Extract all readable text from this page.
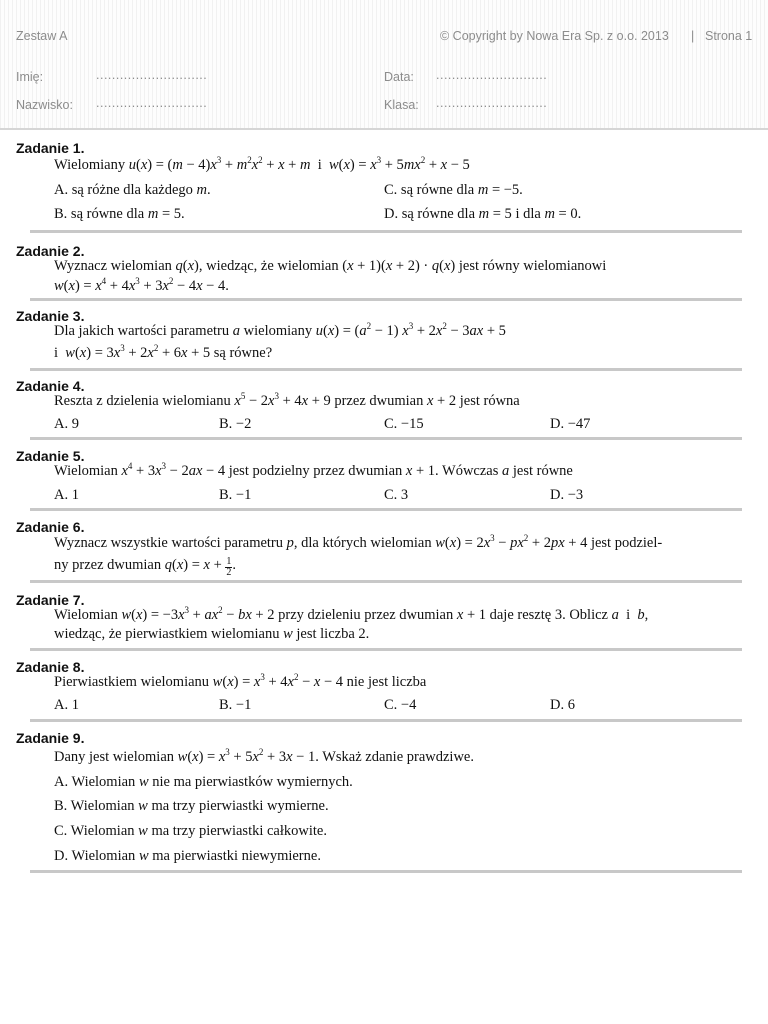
Zestaw A	© Copyright by Nowa Era Sp. z o.o. 2013 | Strona 1
Imię:	............................	Data: ............................
Nazwisko: ............................	Klasa: ............................
Zadanie 1.
Wielomiany $u(x) = (m - 4)x^3 + m^2x^2 + x + m$ i $w(x) = x^3 + 5mx^2 + x - 5$
A. są różne dla każdego m.	C. są równe dla m = −5.
B. są równe dla m = 5.	D. są równe dla m = 5 i dla m = 0.
Zadanie 2.
Wyznacz wielomian q(x), wiedząc, że wielomian (x + 1)(x + 2) · q(x) jest równy wielomianowi
$w(x) = x^4 + 4x^3 + 3x^2 - 4x - 4$.
Zadanie 3.
Dla jakich wartości parametru a wielomiany $u(x) = (a^2 - 1) x^3 + 2x^2 - 3ax + 5$
i $w(x) = 3x^3 + 2x^2 + 6x + 5$ są równe?
Zadanie 4.
Reszta z dzielenia wielomianu $x^5 - 2x^3 + 4x + 9$ przez dwumian x + 2 jest równa
A. 9	B. −2	C. −15	D. −47
Zadanie 5.
Wielomian $x^4 + 3x^3 - 2ax - 4$ jest podzielny przez dwumian x + 1. Wówczas a jest równe
A. 1	B. −1	C. 3	D. −3
Zadanie 6.
Wyznacz wszystkie wartości parametru p, dla których wielomian $w(x) = 2x^3 - px^2 + 2px + 4$ jest podziel-
ny przez dwumian $q(x) = x + \frac{1}{2}$ .
Zadanie 7.
Wielomian $w(x) = -3x^3 + ax^2$ − bx + 2 przy dzieleniu przez dwumian x + 1 daje resztę 3. Oblicz a i b,
wiedząc, że pierwiastkiem wielomianu w jest liczba 2.
Zadanie 8.
Pierwiastkiem wielomianu $w(x) = x^3 + 4x^2 - x - 4$ nie jest liczba
A. 1	B. −1	C. −4	D. 6
Zadanie 9.
Dany jest wielomian $w(x) = x^3 + 5x^2 + 3x - 1$. Wskaż zdanie prawdziwe.
A. Wielomian w nie ma pierwiastków wymiernych.
B. Wielomian w ma trzy pierwiastki wymierne.
C. Wielomian w ma trzy pierwiastki całkowite.
D. Wielomian w ma pierwiastki niewymierne.
